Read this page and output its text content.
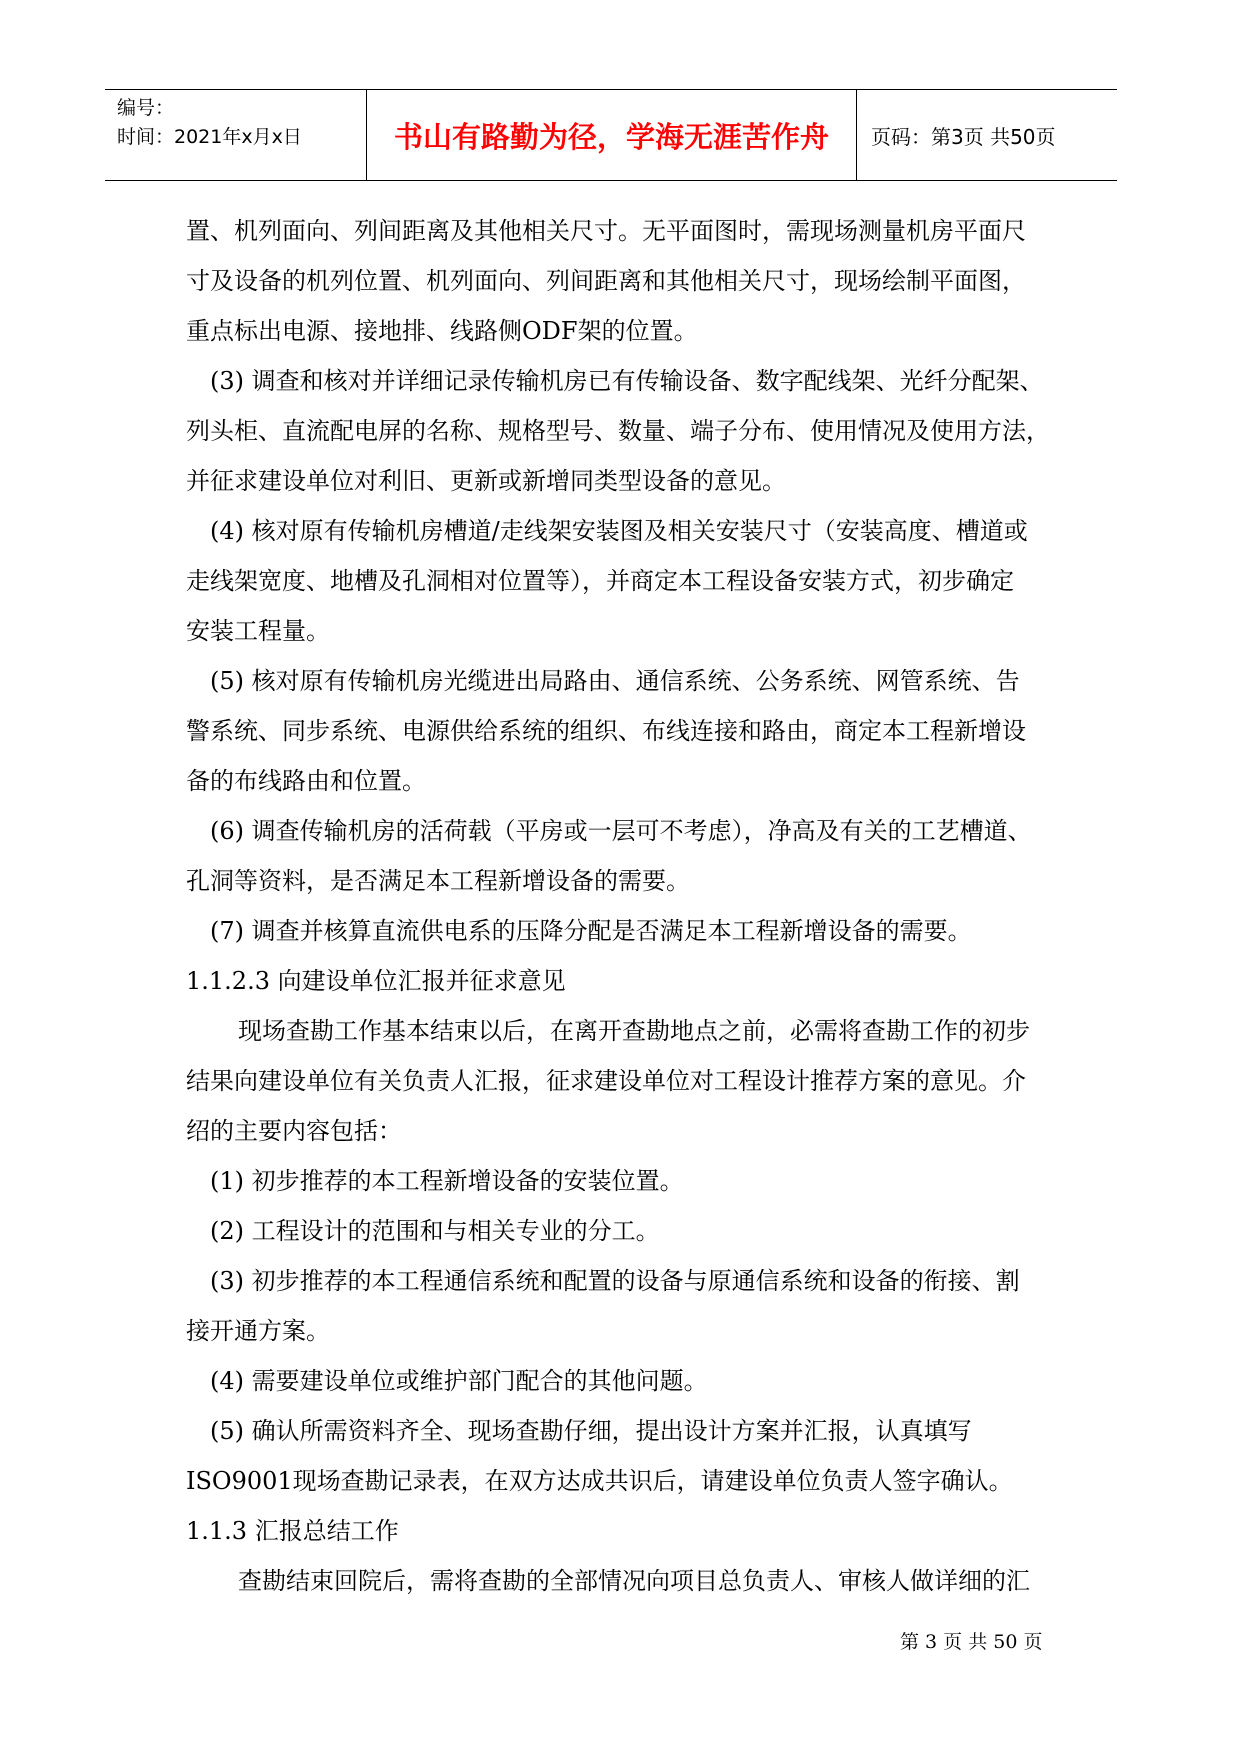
编号：
时间：2021年x月x日	书山有路勤为径，学海无涯苦作舟 页码：第3页 共50页

置、机列面向、列间距离及其他相关尺寸。无平面图时，需现场测量机房平面尺

寸及设备的机列位置、机列面向、列间距离和其他相关尺寸，现场绘制平面图，

重点标出电源、接地排、线路侧ODF架的位置。

(3) 调查和核对并详细记录传输机房已有传输设备、数字配线架、光纤分配架、

列头柜、直流配电屏的名称、规格型号、数量、端子分布、使用情况及使用方法，

并征求建设单位对利旧、更新或新增同类型设备的意见。

(4) 核对原有传输机房槽道/走线架安装图及相关安装尺寸（安装高度、槽道或

走线架宽度、地槽及孔洞相对位置等），并商定本工程设备安装方式，初步确定

安装工程量。

(5) 核对原有传输机房光缆进出局路由、通信系统、公务系统、网管系统、告

警系统、同步系统、电源供给系统的组织、布线连接和路由，商定本工程新增设

备的布线路由和位置。

(6) 调查传输机房的活荷载（平房或一层可不考虑），净高及有关的工艺槽道、

孔洞等资料，是否满足本工程新增设备的需要。

(7) 调查并核算直流供电系的压降分配是否满足本工程新增设备的需要。

1.1.2.3 向建设单位汇报并征求意见

现场查勘工作基本结束以后，在离开查勘地点之前，必需将查勘工作的初步

结果向建设单位有关负责人汇报，征求建设单位对工程设计推荐方案的意见。介

绍的主要内容包括：

(1) 初步推荐的本工程新增设备的安装位置。

(2) 工程设计的范围和与相关专业的分工。

(3) 初步推荐的本工程通信系统和配置的设备与原通信系统和设备的衔接、割

接开通方案。

(4) 需要建设单位或维护部门配合的其他问题。

(5) 确认所需资料齐全、现场查勘仔细，提出设计方案并汇报，认真填写

ISO9001现场查勘记录表，在双方达成共识后，请建设单位负责人签字确认。

1.1.3 汇报总结工作

查勘结束回院后，需将查勘的全部情况向项目总负责人、审核人做详细的汇

第 3 页 共 50 页
